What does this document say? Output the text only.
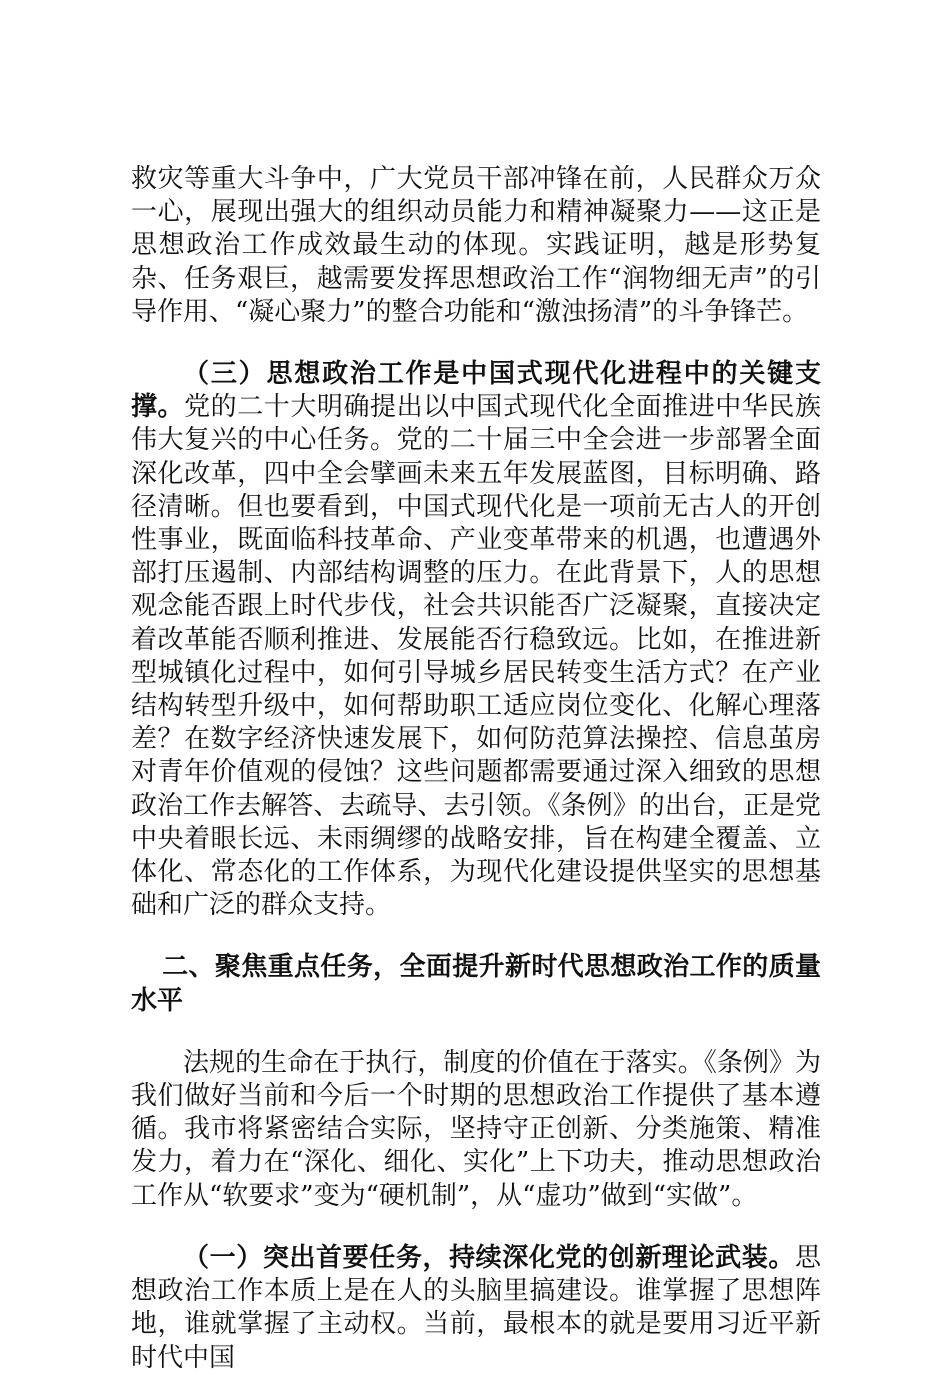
救灾等重大斗争中，广大党员干部冲锋在前，人民群众万众一心，展现出强大的组织动员能力和精神凝聚力——这正是思想政治工作成效最生动的体现。实践证明，越是形势复杂、任务艰巨，越需要发挥思想政治工作“润物细无声”的引导作用、“凝心聚力”的整合功能和“激浊扬清”的斗争锋芒。

（三）思想政治工作是中国式现代化进程中的关键支撑。党的二十大明确提出以中国式现代化全面推进中华民族伟大复兴的中心任务。党的二十届三中全会进一步部署全面深化改革，四中全会擘画未来五年发展蓝图，目标明确、路径清晰。但也要看到，中国式现代化是一项前无古人的开创性事业，既面临科技革命、产业变革带来的机遇，也遭遇外部打压遏制、内部结构调整的压力。在此背景下，人的思想观念能否跟上时代步伐，社会共识能否广泛凝聚，直接决定着改革能否顺利推进、发展能否行稳致远。比如，在推进新型城镇化过程中，如何引导城乡居民转变生活方式？在产业结构转型升级中，如何帮助职工适应岗位变化、化解心理落差？在数字经济快速发展下，如何防范算法操控、信息茧房对青年价值观的侵蚀？这些问题都需要通过深入细致的思想政治工作去解答、去疏导、去引领。《条例》的出台，正是党中央着眼长远、未雨绸缪的战略安排，旨在构建全覆盖、立体化、常态化的工作体系，为现代化建设提供坚实的思想基础和广泛的群众支持。

二、聚焦重点任务，全面提升新时代思想政治工作的质量水平

法规的生命在于执行，制度的价值在于落实。《条例》为我们做好当前和今后一个时期的思想政治工作提供了基本遵循。我市将紧密结合实际，坚持守正创新、分类施策、精准发力，着力在“深化、细化、实化”上下功夫，推动思想政治工作从“软要求”变为“硬机制”，从“虚功”做到“实做”。

（一）突出首要任务，持续深化党的创新理论武装。思想政治工作本质上是在人的头脑里搞建设。谁掌握了思想阵地，谁就掌握了主动权。当前，最根本的就是要用习近平新时代中国
